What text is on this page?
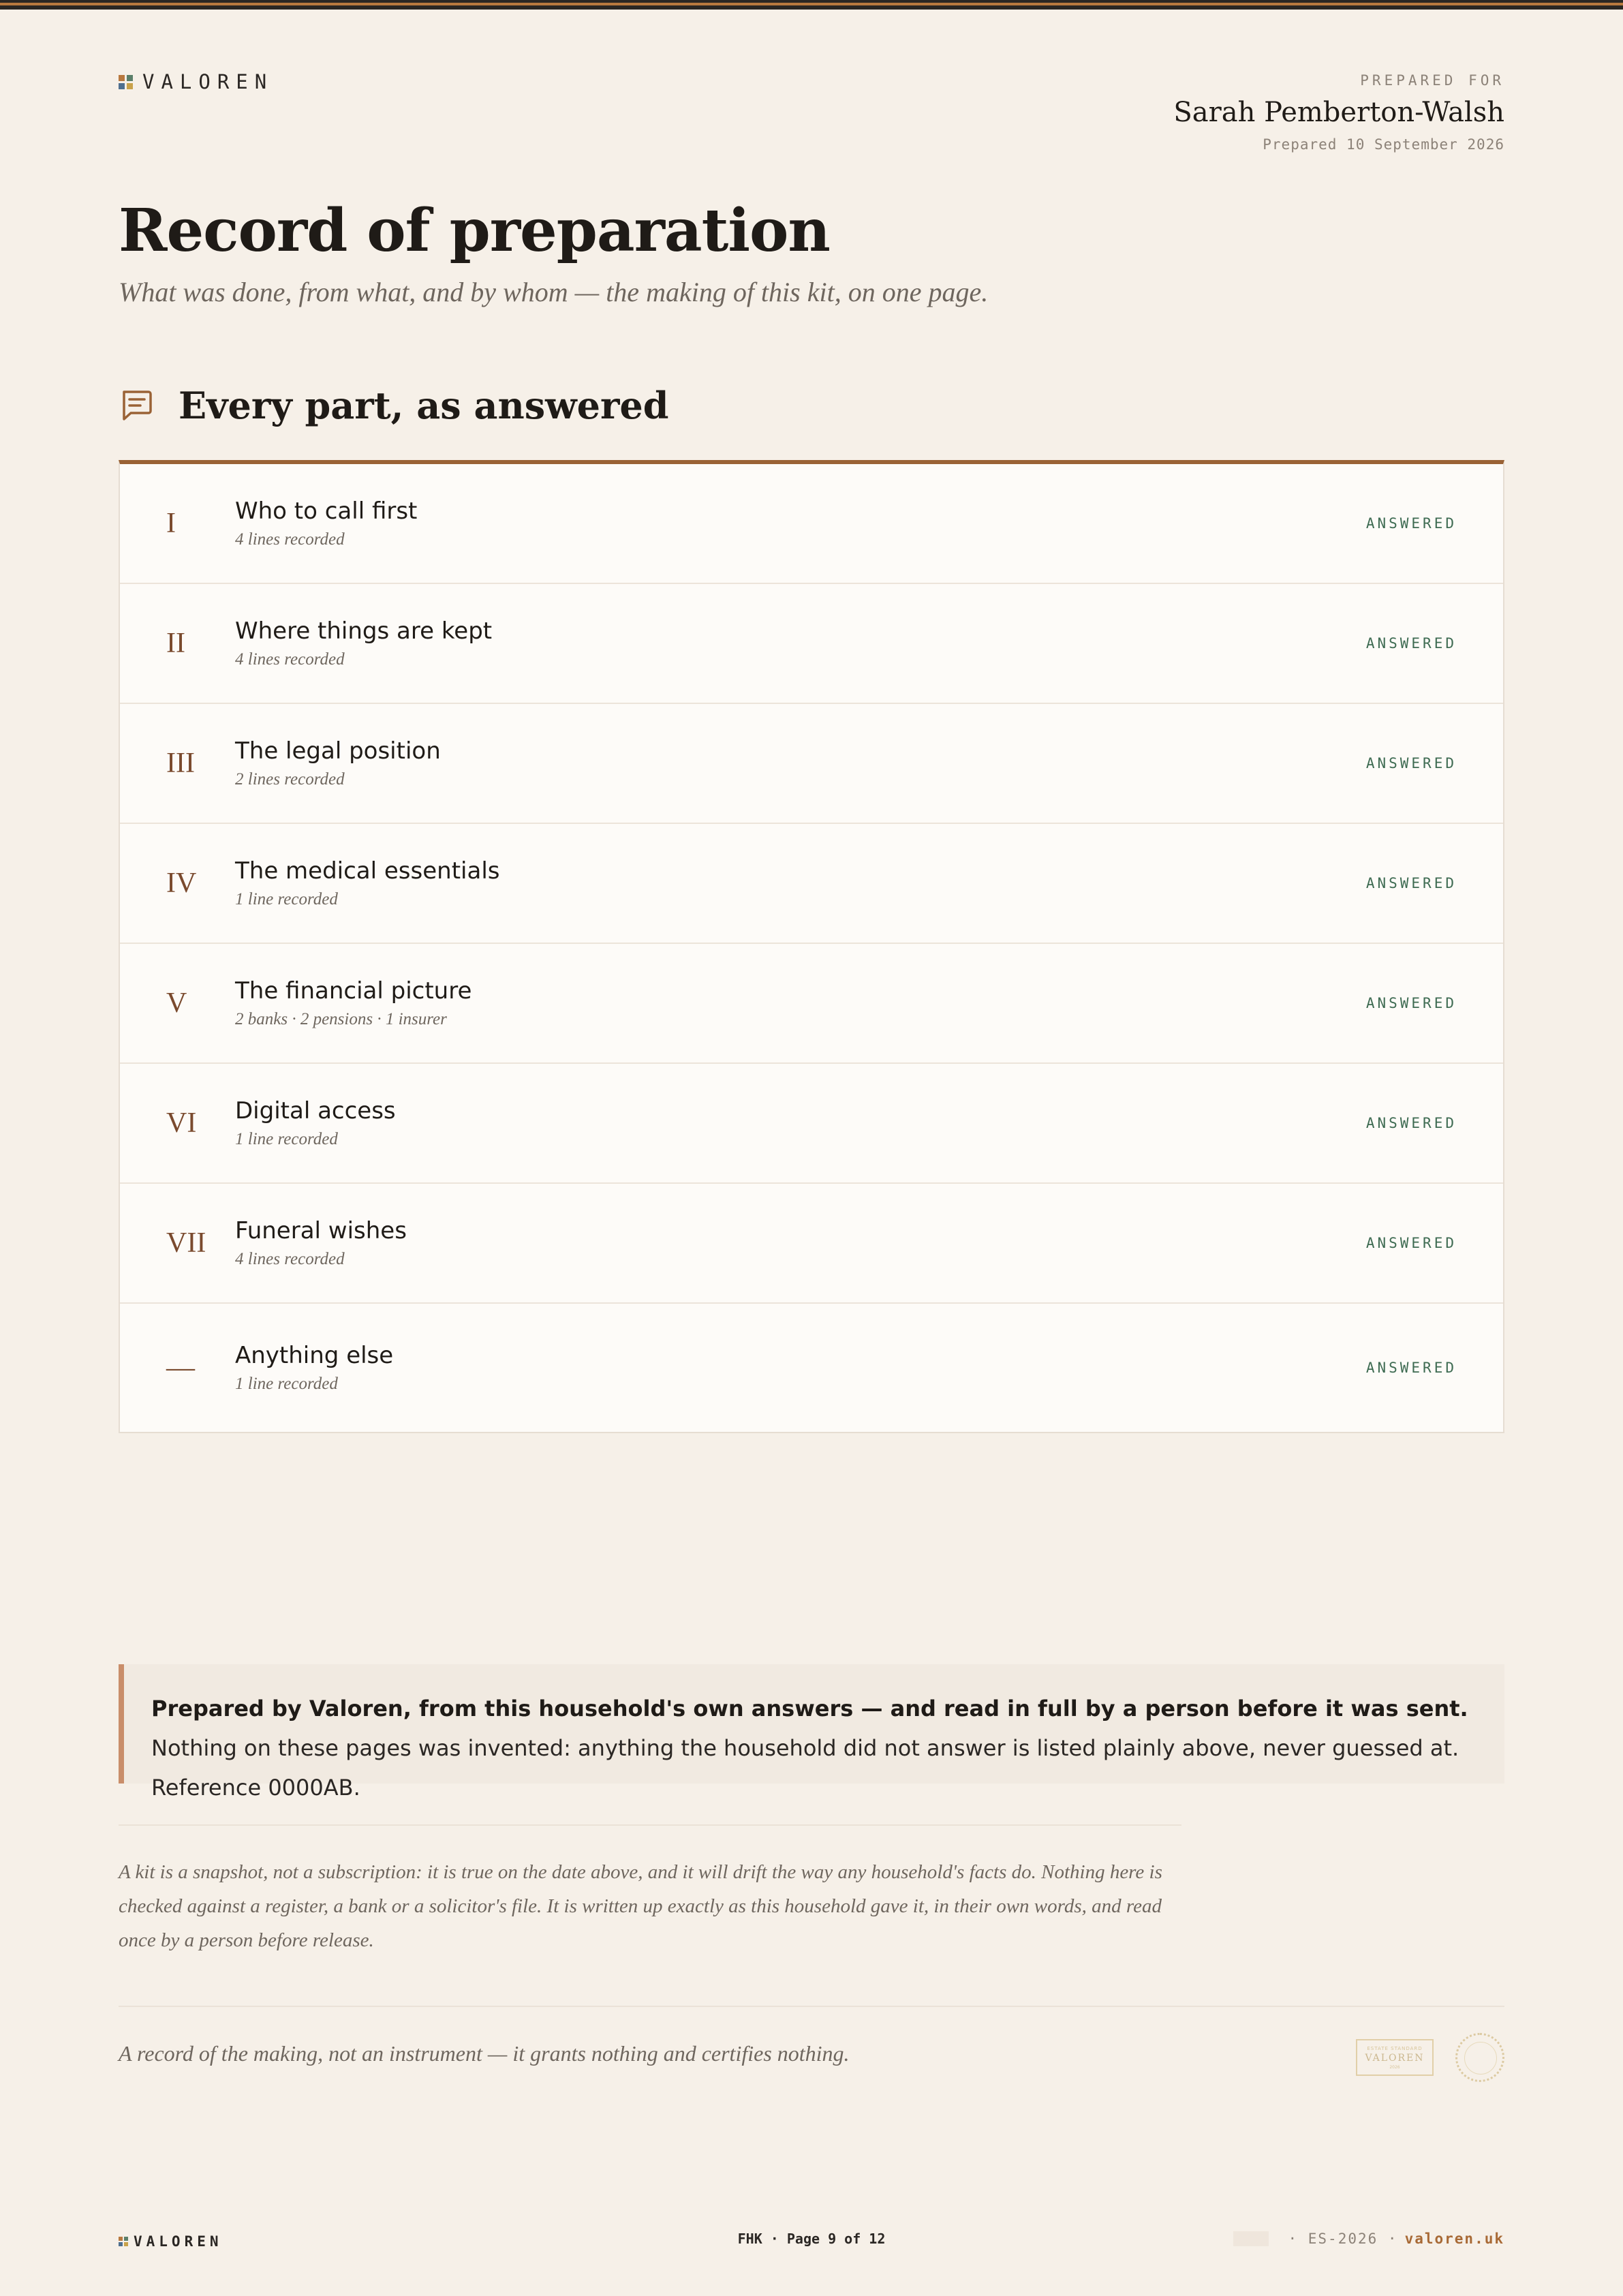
VALOREN	PREPARED FOR
Sarah Pemberton-Walsh
Prepared 10 September 2026
Record of preparation
What was done, from what, and by whom — the making of this kit, on one page.
Every part, as answered
I	Who to call first
4 lines recorded
ANSWERED
II Where things are kept
4 lines recorded
ANSWERED
III The legal position
2 lines recorded
ANSWERED
IV The medical essentials
1 line recorded
ANSWERED
V The financial picture
2 banks · 2 pensions · 1 insurer
ANSWERED
VI Digital access
1 line recorded
ANSWERED
VII Funeral wishes
4 lines recorded
ANSWERED
— Anything else
1 line recorded
ANSWERED
Prepared by Valoren, from this household's own answers — and read in full by a person before it was sent. Nothing on these pages was invented: anything the household did not answer is listed plainly above, never guessed at. Reference 0000AB.

A kit is a snapshot, not a subscription: it is true on the date above, and it will drift the way any household's facts do. Nothing here is checked against a register, a bank or a solicitor's file. It is written up exactly as this household gave it, in their own words, and read once by a person before release.

A record of the making, not an instrument — it grants nothing and certifies nothing.	ESTATE STANDARD
VALOREN
2026
VALOREN	FHK · Page 9 of 12	· ES-2026 · valoren.uk
